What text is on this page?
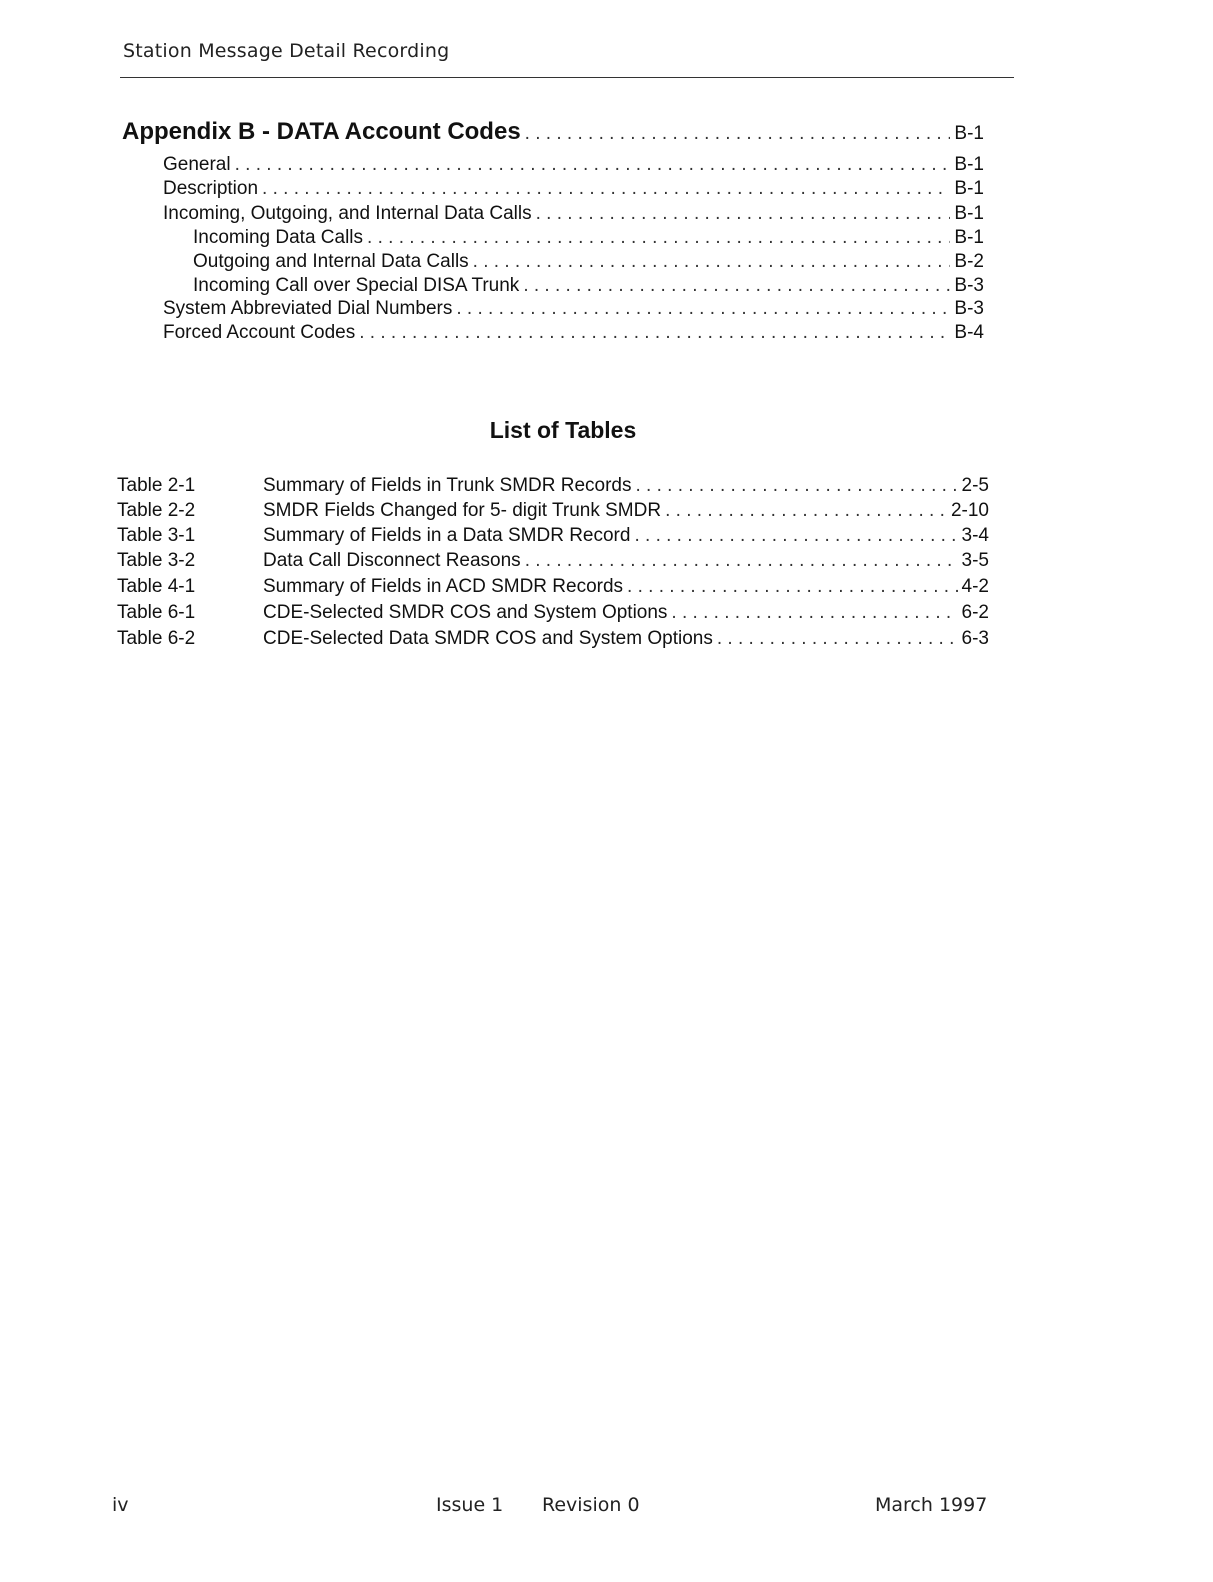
Station Message Detail Recording
Appendix B - DATA Account Codes . . .	B-1
General . . .	B-1
Description . . .	B-1
Incoming, Outgoing, and Internal Data Calls . . .	B-1
Incoming Data Calls . . .	B-1
Outgoing and Internal Data Calls . . .	B-2
Incoming Call over Special DISA Trunk . . .	B-3
System Abbreviated Dial Numbers . . .	B-3
Forced Account Codes . . .	B-4
List of Tables
Table 2-1	Summary of Fields in Trunk SMDR Records . . .	2-5
Table 2-2	SMDR Fields Changed for 5- digit Trunk SMDR . . .	2-10
Table 3-1	Summary of Fields in a Data SMDR Record . . .	3-4
Table 3-2	Data Call Disconnect Reasons . . .	3-5
Table 4-1	Summary of Fields in ACD SMDR Records . . .	4-2
Table 6-1	CDE-Selected SMDR COS and System Options . . .	6-2
Table 6-2	CDE-Selected Data SMDR COS and System Options . . .	6-3
iv	Issue 1 Revision 0	March 1997
